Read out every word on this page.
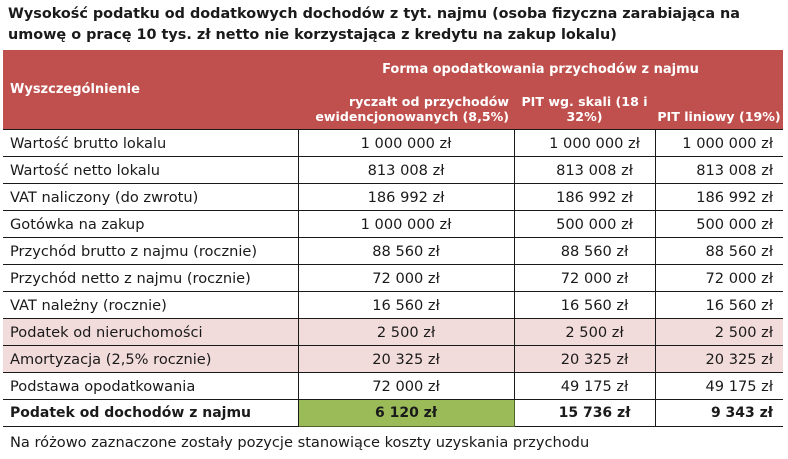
Wysokość podatku od dodatkowych dochodów z tyt. najmu (osoba fizyczna zarabiająca na umowę o pracę 10 tys. zł netto nie korzystająca z kredytu na zakup lokalu)
Wyszczególnienie	Forma opodatkowania przychodów z najmu		
	ryczałt od przychodów ewidencjonowanych (8,5%)	PIT wg. skali (18 i 32%)	PIT liniowy (19%)
Wartość brutto lokalu	1 000 000 zł	1 000 000 zł	1 000 000 zł
Wartość netto lokalu	813 008 zł	813 008 zł	813 008 zł
VAT naliczony (do zwrotu)	186 992 zł	186 992 zł	186 992 zł
Gotówka na zakup	1 000 000 zł	500 000 zł	500 000 zł
Przychód brutto z najmu (rocznie)	88 560 zł	88 560 zł	88 560 zł
Przychód netto z najmu (rocznie)	72 000 zł	72 000 zł	72 000 zł
VAT należny (rocznie)	16 560 zł	16 560 zł	16 560 zł
Podatek od nieruchomości	2 500 zł	2 500 zł	2 500 zł
Amortyzacja (2,5% rocznie)	20 325 zł	20 325 zł	20 325 zł
Podstawa opodatkowania	72 000 zł	49 175 zł	49 175 zł
Podatek od dochodów z najmu	6 120 zł	15 736 zł	9 343 zł
Na różowo zaznaczone zostały pozycje stanowiące koszty uzyskania przychodu
